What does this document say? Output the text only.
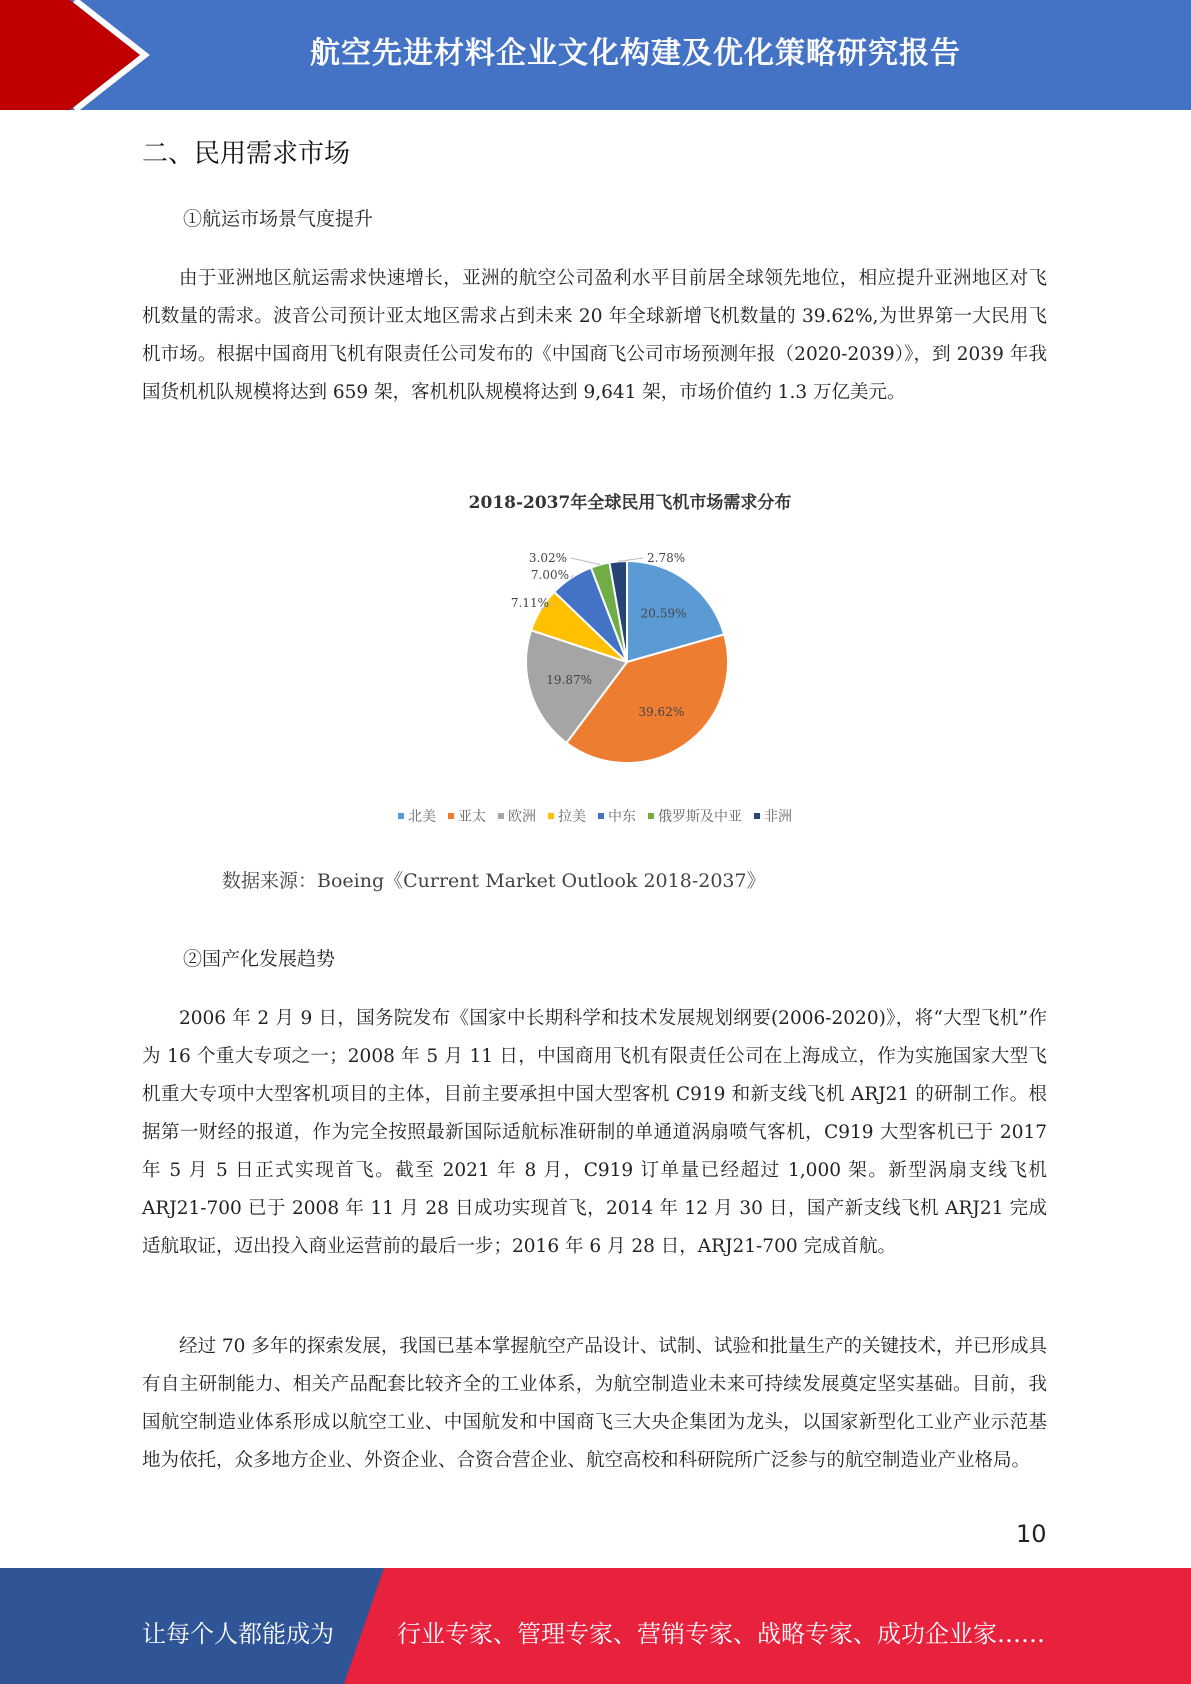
航空先进材料企业文化构建及优化策略研究报告
二、民用需求市场
①航运市场景气度提升

由于亚洲地区航运需求快速增长，亚洲的航空公司盈利水平目前居全球领先地位，相应提升亚洲地区对飞机数量的需求。波音公司预计亚太地区需求占到未来 20 年全球新增飞机数量的 39.62%,为世界第一大民用飞机市场。根据中国商用飞机有限责任公司发布的《中国商飞公司市场预测年报（2020-2039）》，到 2039 年我国货机机队规模将达到 659 架，客机机队规模将达到 9,641 架，市场价值约 1.3 万亿美元。

2018-2037年全球民用飞机市场需求分布
20.59%
39.62%
19.87%
7.11%
7.00%
3.02%	2.78%
北美 亚太 欧洲 拉美 中东 俄罗斯及中亚 非洲
数据来源：Boeing《Current Market Outlook 2018-2037》
②国产化发展趋势

2006 年 2 月 9 日，国务院发布《国家中长期科学和技术发展规划纲要(2006-2020)》，将“大型飞机”作为 16 个重大专项之一；2008 年 5 月 11 日，中国商用飞机有限责任公司在上海成立，作为实施国家大型飞机重大专项中大型客机项目的主体，目前主要承担中国大型客机 C919 和新支线飞机 ARJ21 的研制工作。根据第一财经的报道，作为完全按照最新国际适航标准研制的单通道涡扇喷气客机，C919 大型客机已于 2017 年 5 月 5 日正式实现首飞。截至 2021 年 8 月，C919 订单量已经超过 1,000 架。新型涡扇支线飞机 ARJ21-700 已于 2008 年 11 月 28 日成功实现首飞，2014 年 12 月 30 日，国产新支线飞机 ARJ21 完成适航取证，迈出投入商业运营前的最后一步；2016 年 6 月 28 日，ARJ21-700 完成首航。

经过 70 多年的探索发展，我国已基本掌握航空产品设计、试制、试验和批量生产的关键技术，并已形成具有自主研制能力、相关产品配套比较齐全的工业体系，为航空制造业未来可持续发展奠定坚实基础。目前，我国航空制造业体系形成以航空工业、中国航发和中国商飞三大央企集团为龙头，以国家新型化工业产业示范基地为依托，众多地方企业、外资企业、合资合营企业、航空高校和科研院所广泛参与的航空制造业产业格局。

10
让每个人都能成为	行业专家、管理专家、营销专家、战略专家、成功企业家……
